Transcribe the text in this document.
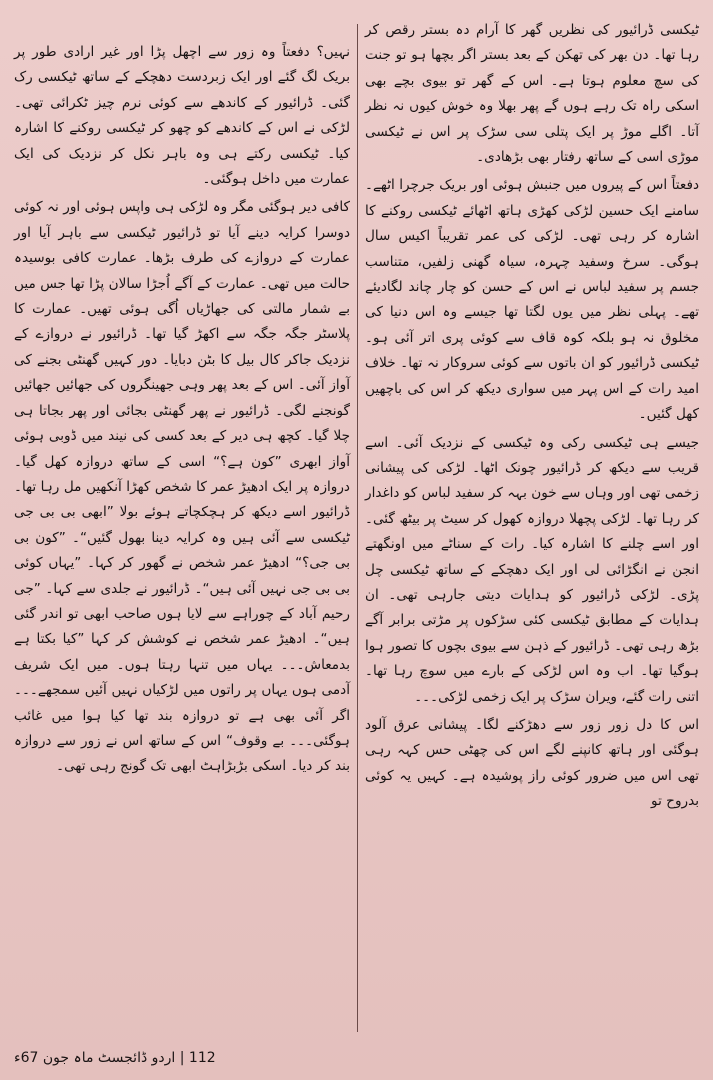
ٹیکسی ڈرائیور کی نظریں گھر کا آرام دہ بستر رقص کر رہا تھا۔ دن بھر کی تھکن کے بعد بستر اگر بچھا ہو تو جنت کی سچ معلوم ہوتا ہے۔ اس کے گھر تو بیوی بچے بھی اسکی راہ تک رہے ہوں گے پھر بھلا وہ خوش کیوں نہ نظر آتا۔ اگلے موڑ پر ایک پتلی سی سڑک پر اس نے ٹیکسی موڑی اسی کے ساتھ رفتار بھی بڑھادی۔

دفعتاً اس کے پیروں میں جنبش ہوئی اور بریک جرچرا اٹھے۔ سامنے ایک حسین لڑکی کھڑی ہاتھ اٹھائے ٹیکسی روکنے کا اشارہ کر رہی تھی۔ لڑکی کی عمر تقریباً اکیس سال ہوگی۔ سرخ وسفید چہرہ، سیاہ گھنی زلفیں، متناسب جسم پر سفید لباس نے اس کے حسن کو چار چاند لگادیئے تھے۔ پہلی نظر میں یوں لگتا تھا جیسے وہ اس دنیا کی مخلوق نہ ہو بلکہ کوہ قاف سے کوئی پری اتر آئی ہو۔ ٹیکسی ڈرائیور کو ان باتوں سے کوئی سروکار نہ تھا۔ خلاف امید رات کے اس پہر میں سواری دیکھ کر اس کی باچھیں کھل گئیں۔

جیسے ہی ٹیکسی رکی وہ ٹیکسی کے نزدیک آئی۔ اسے قریب سے دیکھ کر ڈرائیور چونک اٹھا۔ لڑکی کی پیشانی زخمی تھی اور وہاں سے خون بہہ کر سفید لباس کو داغدار کر رہا تھا۔ لڑکی پچھلا دروازہ کھول کر سیٹ پر بیٹھ گئی۔ اور اسے چلنے کا اشارہ کیا۔ رات کے سناٹے میں اونگھتے انجن نے انگڑائی لی اور ایک دھچکے کے ساتھ ٹیکسی چل پڑی۔ لڑکی ڈرائیور کو ہدایات دیتی جارہی تھی۔ ان ہدایات کے مطابق ٹیکسی کئی سڑکوں پر مڑتی برابر آگے بڑھ رہی تھی۔ ڈرائیور کے ذہن سے بیوی بچوں کا تصور ہوا ہوگیا تھا۔ اب وہ اس لڑکی کے بارے میں سوچ رہا تھا۔ اتنی رات گئے، ویران سڑک پر ایک زخمی لڑکی۔۔۔

اس کا دل زور زور سے دھڑکنے لگا۔ پیشانی عرق آلود ہوگئی اور ہاتھ کانپنے لگے اس کی چھٹی حس کہہ رہی تھی اس میں ضرور کوئی راز پوشیدہ ہے۔ کہیں یہ کوئی بدروح تو

نہیں؟ دفعتاً وہ زور سے اچھل پڑا اور غیر ارادی طور پر بریک لگ گئے اور ایک زبردست دھچکے کے ساتھ ٹیکسی رک گئی۔ ڈرائیور کے کاندھے سے کوئی نرم چیز ٹکرائی تھی۔ لڑکی نے اس کے کاندھے کو چھو کر ٹیکسی روکنے کا اشارہ کیا۔ ٹیکسی رکتے ہی وہ باہر نکل کر نزدیک کی ایک عمارت میں داخل ہوگئی۔

کافی دیر ہوگئی مگر وہ لڑکی ہی واپس ہوئی اور نہ کوئی دوسرا کرایہ دینے آیا تو ڈرائیور ٹیکسی سے باہر آیا اور عمارت کے دروازے کی طرف بڑھا۔ عمارت کافی بوسیدہ حالت میں تھی۔ عمارت کے آگے اُجڑا سالان پڑا تھا جس میں بے شمار مالتی کی جھاڑیاں اُگی ہوئی تھیں۔ عمارت کا پلاسٹر جگہ جگہ سے اکھڑ گیا تھا۔ ڈرائیور نے دروازے کے نزدیک جاکر کال بیل کا بٹن دبایا۔ دور کہیں گھنٹی بجنے کی آواز آئی۔ اس کے بعد پھر وہی جھینگروں کی جھائیں جھائیں گونجنے لگی۔ ڈرائیور نے پھر گھنٹی بجائی اور پھر بجاتا ہی چلا گیا۔ کچھ ہی دیر کے بعد کسی کی نیند میں ڈوبی ہوئی آواز ابھری ”کون ہے؟“ اسی کے ساتھ دروازہ کھل گیا۔ دروازہ پر ایک ادھیڑ عمر کا شخص کھڑا آنکھیں مل رہا تھا۔ ڈرائیور اسے دیکھ کر ہچکچاتے ہوئے بولا ”ابھی بی بی جی ٹیکسی سے آئی ہیں وہ کرایہ دینا بھول گئیں“۔ ”کون بی بی جی؟“ ادھیڑ عمر شخص نے گھور کر کہا۔ ”یہاں کوئی بی بی جی نہیں آئی ہیں“۔ ڈرائیور نے جلدی سے کہا۔ ”جی رحیم آباد کے چوراہے سے لایا ہوں صاحب ابھی تو اندر گئی ہیں“۔ ادھیڑ عمر شخص نے کوشش کر کہا ”کیا بکتا ہے بدمعاش۔۔۔ یہاں میں تنہا رہتا ہوں۔ میں ایک شریف آدمی ہوں یہاں پر راتوں میں لڑکیاں نہیں آئیں سمجھے۔۔۔ اگر آئی بھی ہے تو دروازہ بند تھا کیا ہوا میں غائب ہوگئی۔۔۔ بے وقوف“ اس کے ساتھ اس نے زور سے دروازہ بند کر دیا۔ اسکی بڑبڑاہٹ ابھی تک گونج رہی تھی۔

112 | اردو ڈائجسٹ ماہ جون 67ء
